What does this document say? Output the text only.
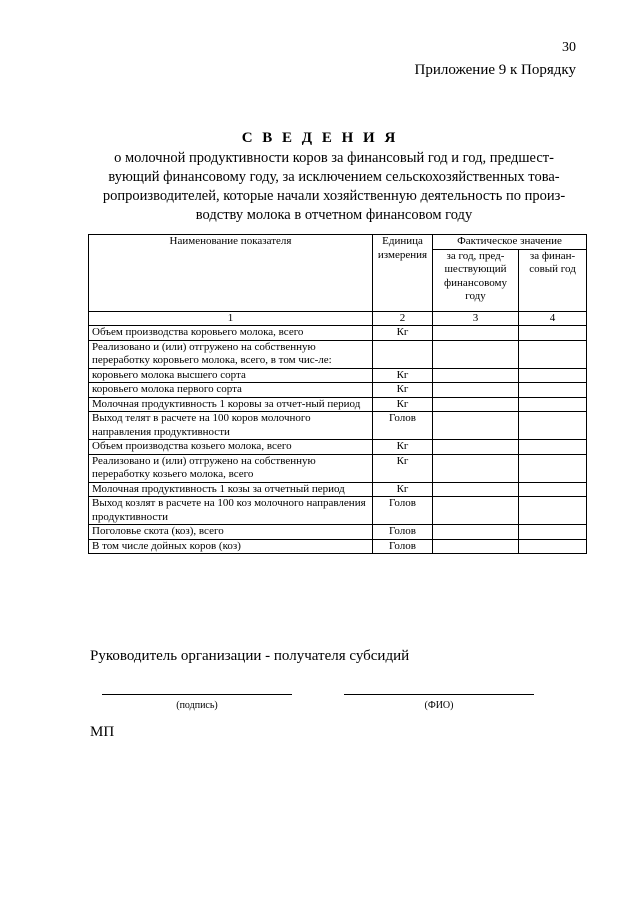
30
Приложение 9 к Порядку
С В Е Д Е Н И Я
о молочной продуктивности коров за финансовый год и год, предшест-
вующий финансовому году, за исключением сельскохозяйственных това-
ропроизводителей, которые начали хозяйственную деятельность по произ-
водству молока в отчетном финансовом году
Наименование показателя	Единица измерения	Фактическое значение	
		за год, пред-шествующий финансовому году	за финан-совый год
1	2	3	4
Объем производства коровьего молока, всего	Кг		
Реализовано и (или) отгружено на собственную переработку коровьего молока, всего, в том чис-ле:			
коровьего молока высшего сорта	Кг		
коровьего молока первого сорта	Кг		
Молочная продуктивность 1 коровы за отчет-ный период	Кг		
Выход телят в расчете на 100 коров молочного направления продуктивности	Голов		
Объем производства козьего молока, всего	Кг		
Реализовано и (или) отгружено на собственную переработку козьего молока, всего	Кг		
Молочная продуктивность 1 козы за отчетный период	Кг		
Выход козлят в расчете на 100 коз молочного направления продуктивности	Голов		
Поголовье скота (коз), всего	Голов		
В том числе дойных коров (коз)	Голов		
Руководитель организации - получателя субсидий
(подпись)	(ФИО)
МП
